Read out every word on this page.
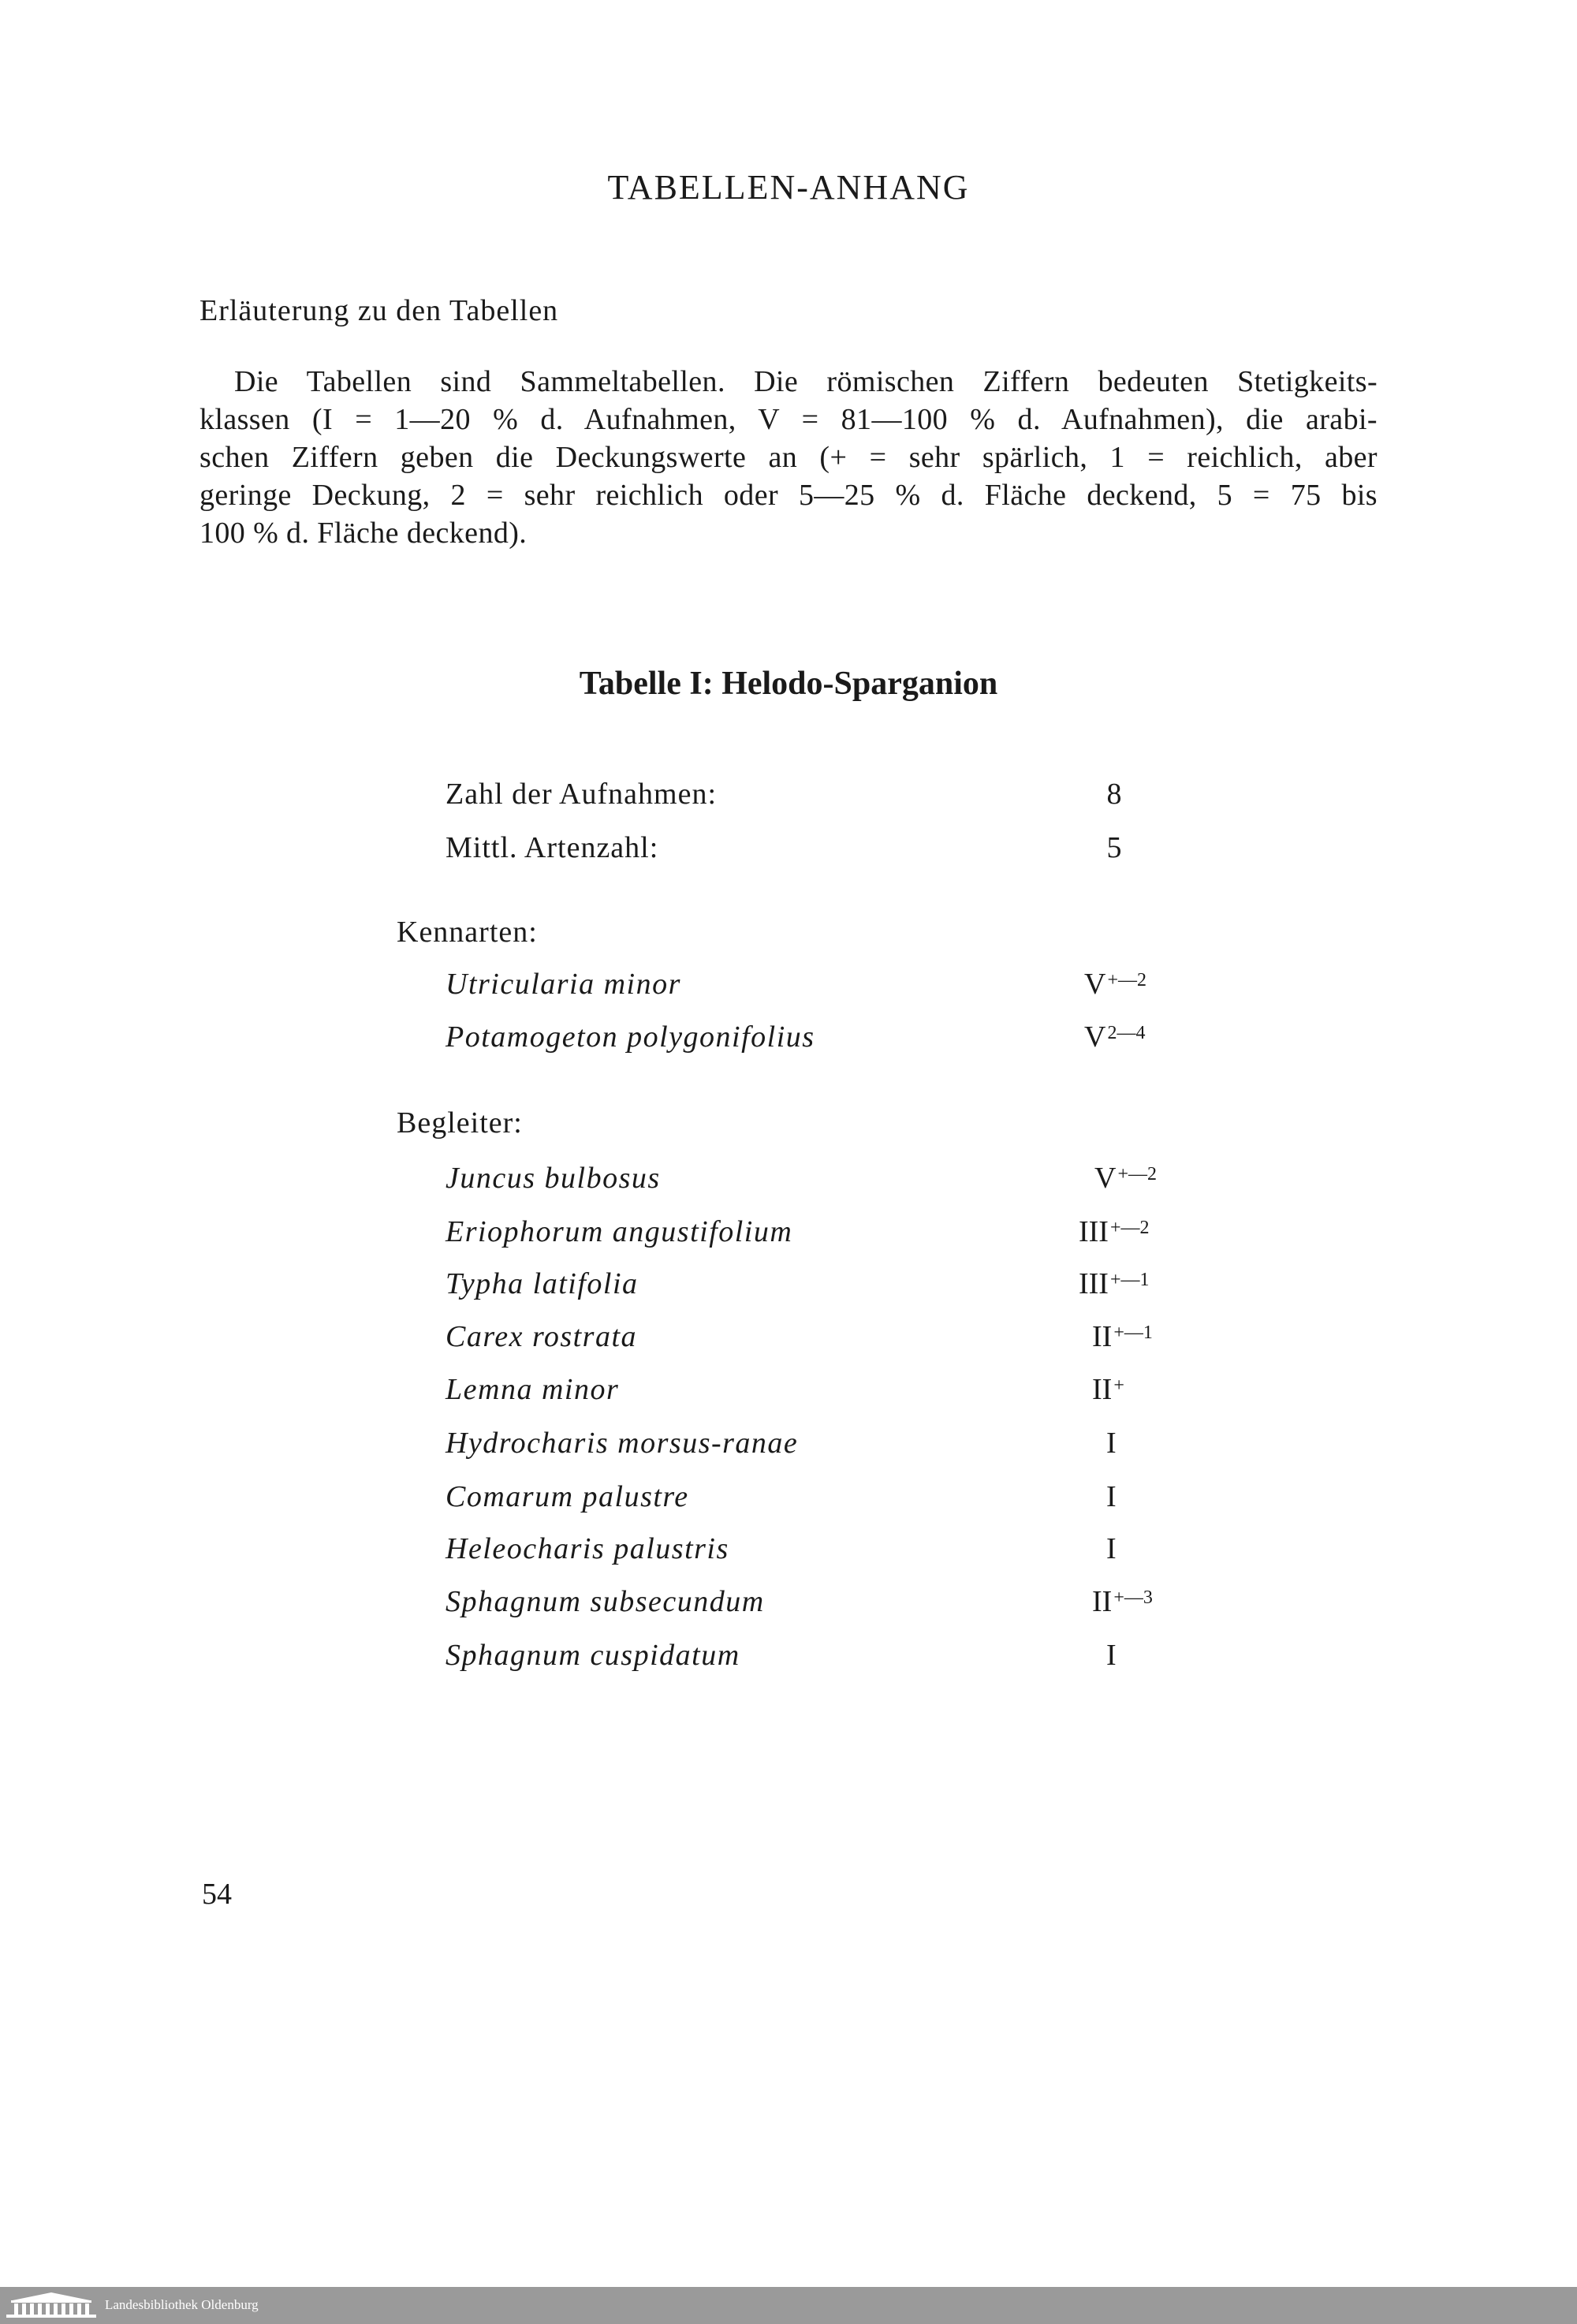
TABELLEN-ANHANG
Erläuterung zu den Tabellen
Die Tabellen sind Sammeltabellen. Die römischen Ziffern bedeuten Stetigkeits-
klassen (I = 1—20 % d. Aufnahmen, V = 81—100 % d. Aufnahmen), die arabi-
schen Ziffern geben die Deckungswerte an (+ = sehr spärlich, 1 = reichlich, aber
geringe Deckung, 2 = sehr reichlich oder 5—25 % d. Fläche deckend, 5 = 75 bis
100 % d. Fläche deckend).
Tabelle I: Helodo-Sparganion
Zahl der Aufnahmen:	8
Mittl. Artenzahl:	5
Kennarten:
Utricularia minor	$V^{+—2}$
Potamogeton polygonifolius	$V^{2—4}$
Begleiter:
Juncus bulbosus	$V^{+—2}$
Eriophorum angustifolium	$III^{+—2}$
Typha latifolia	$III^{+—1}$
Carex rostrata	$II^{+—1}$
Lemna minor	II+
Hydrocharis morsus-ranae	I
Comarum palustre	I
Heleocharis palustris	I
Sphagnum subsecundum	$II^{+—3}$
Sphagnum cuspidatum	I
54
Landesbibliothek Oldenburg
